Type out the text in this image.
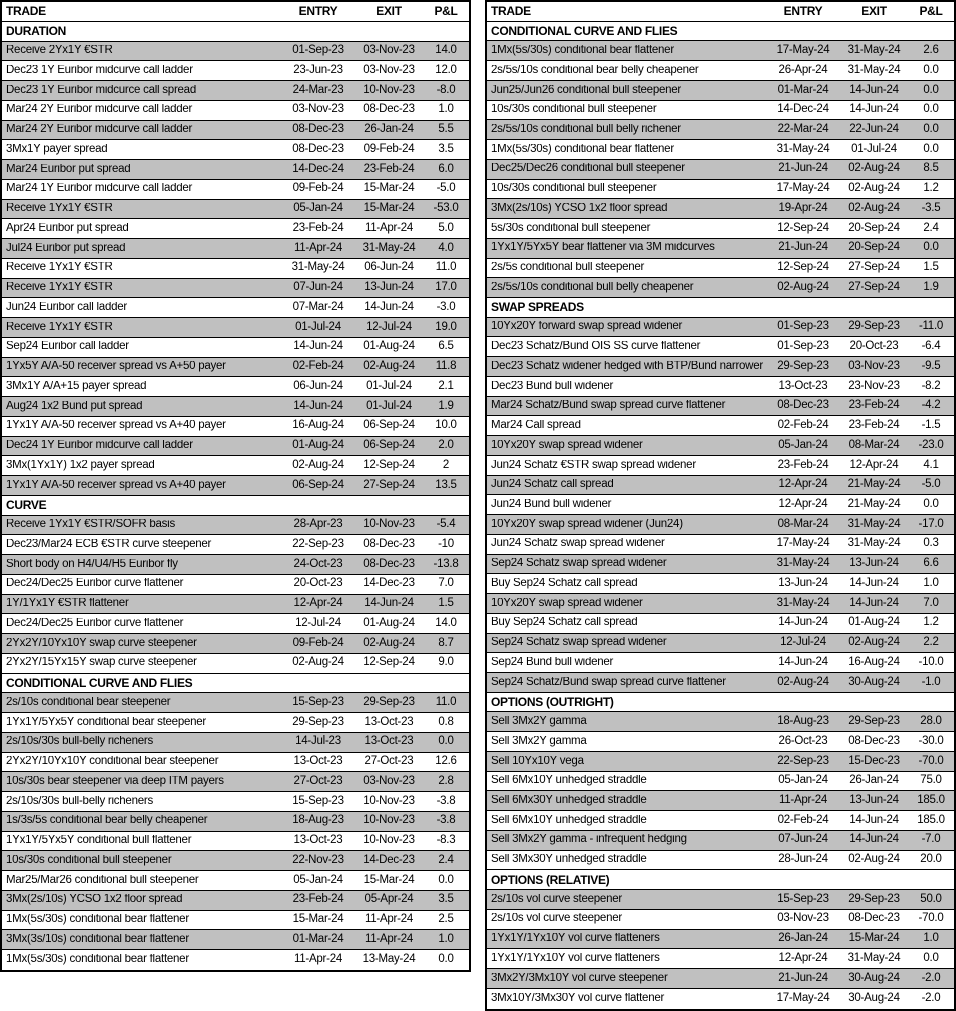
TRADE	ENTRY	EXIT	P&L
DURATION
Receive 2Yx1Y €STR	01-Sep-23	03-Nov-23	14.0
Dec23 1Y Euribor midcurve call ladder	23-Jun-23	03-Nov-23	12.0
Dec23 1Y Euribor midcurce call spread	24-Mar-23	10-Nov-23	-8.0
Mar24 2Y Euribor midcurve call ladder	03-Nov-23	08-Dec-23	1.0
Mar24 2Y Euribor midcurve call ladder	08-Dec-23	26-Jan-24	5.5
3Mx1Y payer spread	08-Dec-23	09-Feb-24	3.5
Mar24 Euribor put spread	14-Dec-24	23-Feb-24	6.0
Mar24 1Y Euribor midcurve call ladder	09-Feb-24	15-Mar-24	-5.0
Receive 1Yx1Y €STR	05-Jan-24	15-Mar-24	-53.0
Apr24 Euribor put spread	23-Feb-24	11-Apr-24	5.0
Jul24 Euribor put spread	11-Apr-24	31-May-24	4.0
Receive 1Yx1Y €STR	31-May-24	06-Jun-24	11.0
Receive 1Yx1Y €STR	07-Jun-24	13-Jun-24	17.0
Jun24 Euribor call ladder	07-Mar-24	14-Jun-24	-3.0
Receive 1Yx1Y €STR	01-Jul-24	12-Jul-24	19.0
Sep24 Euribor call ladder	14-Jun-24	01-Aug-24	6.5
1Yx5Y A/A-50 receiver spread vs A+50 payer	02-Feb-24	02-Aug-24	11.8
3Mx1Y A/A+15 payer spread	06-Jun-24	01-Jul-24	2.1
Aug24 1x2 Bund put spread	14-Jun-24	01-Jul-24	1.9
1Yx1Y A/A-50 receiver spread vs A+40 payer	16-Aug-24	06-Sep-24	10.0
Dec24 1Y Euribor midcurve call ladder	01-Aug-24	06-Sep-24	2.0
3Mx(1Yx1Y) 1x2 payer spread	02-Aug-24	12-Sep-24	2
1Yx1Y A/A-50 receiver spread vs A+40 payer	06-Sep-24	27-Sep-24	13.5
CURVE
Receive 1Yx1Y €STR/SOFR basis	28-Apr-23	10-Nov-23	-5.4
Dec23/Mar24 ECB €STR curve steepener	22-Sep-23	08-Dec-23	-10
Short body on H4/U4/H5 Euribor fly	24-Oct-23	08-Dec-23	-13.8
Dec24/Dec25 Euribor curve flattener	20-Oct-23	14-Dec-23	7.0
1Y/1Yx1Y €STR flattener	12-Apr-24	14-Jun-24	1.5
Dec24/Dec25 Euribor curve flattener	12-Jul-24	01-Aug-24	14.0
2Yx2Y/10Yx10Y swap curve steepener	09-Feb-24	02-Aug-24	8.7
2Yx2Y/15Yx15Y swap curve steepener	02-Aug-24	12-Sep-24	9.0
CONDITIONAL CURVE AND FLIES
2s/10s conditional bear steepener	15-Sep-23	29-Sep-23	11.0
1Yx1Y/5Yx5Y conditional bear steepener	29-Sep-23	13-Oct-23	0.8
2s/10s/30s bull-belly richeners	14-Jul-23	13-Oct-23	0.0
2Yx2Y/10Yx10Y conditional bear steepener	13-Oct-23	27-Oct-23	12.6
10s/30s bear steepener via deep ITM payers	27-Oct-23	03-Nov-23	2.8
2s/10s/30s bull-belly richeners	15-Sep-23	10-Nov-23	-3.8
1s/3s/5s conditional bear belly cheapener	18-Aug-23	10-Nov-23	-3.8
1Yx1Y/5Yx5Y conditional bull flattener	13-Oct-23	10-Nov-23	-8.3
10s/30s conditional bull steepener	22-Nov-23	14-Dec-23	2.4
Mar25/Mar26 conditional bull steepener	05-Jan-24	15-Mar-24	0.0
3Mx(2s/10s) YCSO 1x2 floor spread	23-Feb-24	05-Apr-24	3.5
1Mx(5s/30s) conditional bear flattener	15-Mar-24	11-Apr-24	2.5
3Mx(3s/10s) conditional bear flattener	01-Mar-24	11-Apr-24	1.0
1Mx(5s/30s) conditional bear flattener	11-Apr-24	13-May-24	0.0
TRADE	ENTRY	EXIT	P&L
CONDITIONAL CURVE AND FLIES
1Mx(5s/30s) conditional bear flattener	17-May-24	31-May-24	2.6
2s/5s/10s conditional bear belly cheapener	26-Apr-24	31-May-24	0.0
Jun25/Jun26 conditional bull steepener	01-Mar-24	14-Jun-24	0.0
10s/30s conditional bull steepener	14-Dec-24	14-Jun-24	0.0
2s/5s/10s conditional bull belly richener	22-Mar-24	22-Jun-24	0.0
1Mx(5s/30s) conditional bear flattener	31-May-24	01-Jul-24	0.0
Dec25/Dec26 conditional bull steepener	21-Jun-24	02-Aug-24	8.5
10s/30s conditional bull steepener	17-May-24	02-Aug-24	1.2
3Mx(2s/10s) YCSO 1x2 floor spread	19-Apr-24	02-Aug-24	-3.5
5s/30s conditional bull steepener	12-Sep-24	20-Sep-24	2.4
1Yx1Y/5Yx5Y bear flattener via 3M midcurves	21-Jun-24	20-Sep-24	0.0
2s/5s conditional bull steepener	12-Sep-24	27-Sep-24	1.5
2s/5s/10s conditional bull belly cheapener	02-Aug-24	27-Sep-24	1.9
SWAP SPREADS
10Yx20Y forward swap spread widener	01-Sep-23	29-Sep-23	-11.0
Dec23 Schatz/Bund OIS SS curve flattener	01-Sep-23	20-Oct-23	-6.4
Dec23 Schatz widener hedged with BTP/Bund narrower	29-Sep-23	03-Nov-23	-9.5
Dec23 Bund bull widener	13-Oct-23	23-Nov-23	-8.2
Mar24 Schatz/Bund swap spread curve flattener	08-Dec-23	23-Feb-24	-4.2
Mar24 Call spread	02-Feb-24	23-Feb-24	-1.5
10Yx20Y swap spread widener	05-Jan-24	08-Mar-24	-23.0
Jun24 Schatz €STR swap spread widener	23-Feb-24	12-Apr-24	4.1
Jun24 Schatz call spread	12-Apr-24	21-May-24	-5.0
Jun24 Bund bull widener	12-Apr-24	21-May-24	0.0
10Yx20Y swap spread widener (Jun24)	08-Mar-24	31-May-24	-17.0
Jun24 Schatz swap spread widener	17-May-24	31-May-24	0.3
Sep24 Schatz swap spread widener	31-May-24	13-Jun-24	6.6
Buy Sep24 Schatz call spread	13-Jun-24	14-Jun-24	1.0
10Yx20Y swap spread widener	31-May-24	14-Jun-24	7.0
Buy Sep24 Schatz call spread	14-Jun-24	01-Aug-24	1.2
Sep24 Schatz swap spread widener	12-Jul-24	02-Aug-24	2.2
Sep24 Bund bull widener	14-Jun-24	16-Aug-24	-10.0
Sep24 Schatz/Bund swap spread curve flattener	02-Aug-24	30-Aug-24	-1.0
OPTIONS (OUTRIGHT)
Sell 3Mx2Y gamma	18-Aug-23	29-Sep-23	28.0
Sell 3Mx2Y gamma	26-Oct-23	08-Dec-23	-30.0
Sell 10Yx10Y vega	22-Sep-23	15-Dec-23	-70.0
Sell 6Mx10Y unhedged straddle	05-Jan-24	26-Jan-24	75.0
Sell 6Mx30Y unhedged straddle	11-Apr-24	13-Jun-24	185.0
Sell 6Mx10Y unhedged straddle	02-Feb-24	14-Jun-24	185.0
Sell 3Mx2Y gamma - infrequent hedging	07-Jun-24	14-Jun-24	-7.0
Sell 3Mx30Y unhedged straddle	28-Jun-24	02-Aug-24	20.0
OPTIONS (RELATIVE)
2s/10s vol curve steepener	15-Sep-23	29-Sep-23	50.0
2s/10s vol curve steepener	03-Nov-23	08-Dec-23	-70.0
1Yx1Y/1Yx10Y vol curve flatteners	26-Jan-24	15-Mar-24	1.0
1Yx1Y/1Yx10Y vol curve flatteners	12-Apr-24	31-May-24	0.0
3Mx2Y/3Mx10Y vol curve steepener	21-Jun-24	30-Aug-24	-2.0
3Mx10Y/3Mx30Y vol curve flattener	17-May-24	30-Aug-24	-2.0
